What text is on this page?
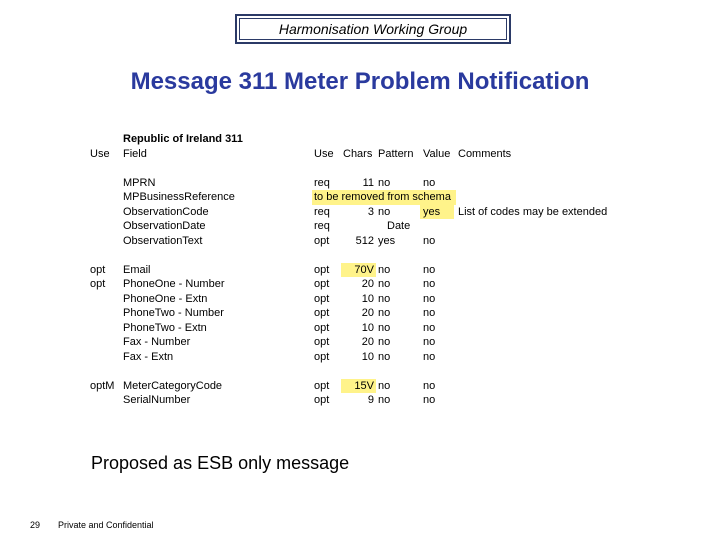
Harmonisation Working Group
Message 311 Meter Problem Notification
Republic of Ireland 311
Use Field	Use Chars Pattern Value Comments
MPRN	req	11 no	no
MPBusinessReference	to be removed from schema
ObservationCode	req	3 no	yes List of codes may be extended
ObservationDate	req	Date
ObservationText	opt	512 yes	no
opt Email	opt	70V no	no
opt PhoneOne - Number	opt	20 no	no
PhoneOne - Extn	opt	10 no	no
PhoneTwo - Number	opt	20 no	no
PhoneTwo - Extn	opt	10 no	no
Fax - Number	opt	20 no	no
Fax - Extn	opt	10 no	no
optM MeterCategoryCode	opt	15V no	no
SerialNumber	opt	9 no	no
Proposed as ESB only message
29 Private and Confidential
